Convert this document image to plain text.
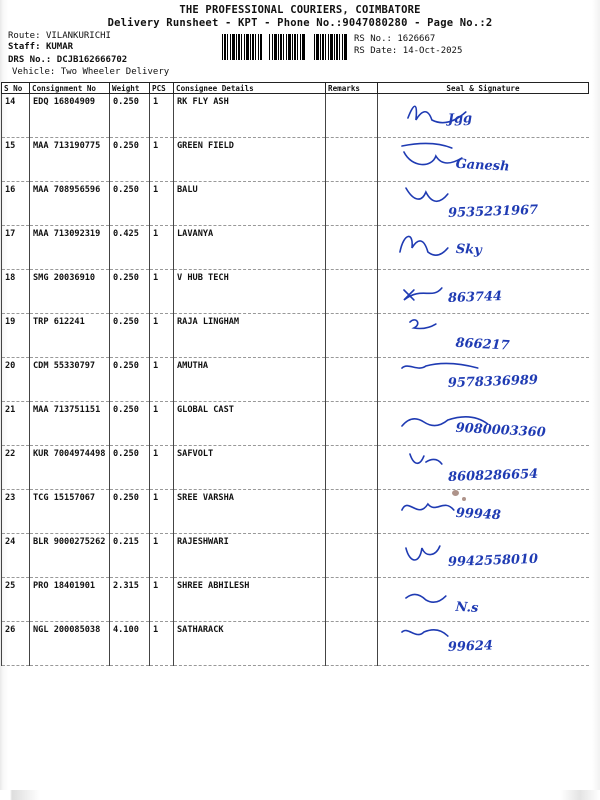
THE PROFESSIONAL COURIERS, COIMBATORE
Delivery Runsheet - KPT - Phone No.:9047080280 - Page No.:2
Route: VILANKURICHI
Staff: KUMAR
DRS No.: DCJB162666702
Vehicle: Two Wheeler Delivery
RS No.: 1626667
RS Date: 14-Oct-2025
S No	Consignment No	Weight	PCS	Consignee Details	Remarks	Seal & Signature
14	EDQ 16804909	0.250	1	RK FLY ASH		Jgg

15	MAA 713190775	0.250	1	GREEN FIELD		Ganesh

16	MAA 708956596	0.250	1	BALU		9535231967

17	MAA 713092319	0.425	1	LAVANYA		Sky

18	SMG 20036910	0.250	1	V HUB TECH		863744

19	TRP 612241	0.250	1	RAJA LINGHAM		866217

20	CDM 55330797	0.250	1	AMUTHA		9578336989

21	MAA 713751151	0.250	1	GLOBAL CAST		9080003360

22	KUR 7004974498	0.250	1	SAFVOLT		8608286654

23	TCG 15157067	0.250	1	SREE VARSHA		99948

24	BLR 9000275262	0.215	1	RAJESHWARI		9942558010

25	PRO 18401901	2.315	1	SHREE ABHILESH		N.s

26	NGL 200085038	4.100	1	SATHARACK		99624
